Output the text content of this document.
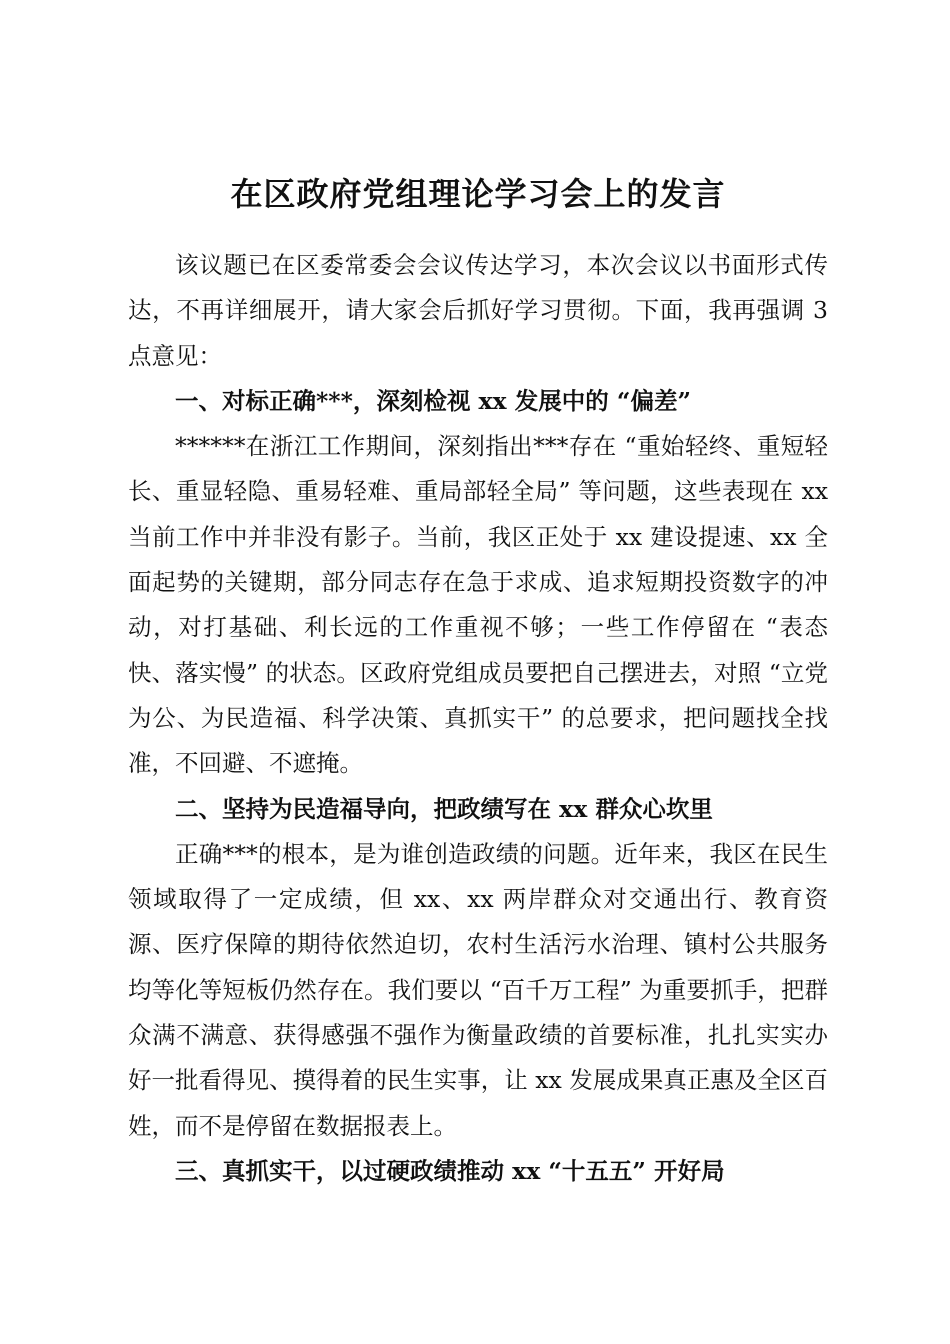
在区政府党组理论学习会上的发言

该议题已在区委常委会会议传达学习，本次会议以书面形式传达，不再详细展开，请大家会后抓好学习贯彻。下面，我再强调 3 点意见：

一、对标正确***，深刻检视 xx 发展中的 “偏差”

******在浙江工作期间，深刻指出***存在 “重始轻终、重短轻长、重显轻隐、重易轻难、重局部轻全局” 等问题，这些表现在 xx 当前工作中并非没有影子。当前，我区正处于 xx 建设提速、xx 全面起势的关键期，部分同志存在急于求成、追求短期投资数字的冲动，对打基础、利长远的工作重视不够；一些工作停留在 “表态快、落实慢” 的状态。区政府党组成员要把自己摆进去，对照 “立党为公、为民造福、科学决策、真抓实干” 的总要求，把问题找全找准，不回避、不遮掩。

二、坚持为民造福导向，把政绩写在 xx 群众心坎里

正确***的根本，是为谁创造政绩的问题。近年来，我区在民生领域取得了一定成绩，但 xx、xx 两岸群众对交通出行、教育资源、医疗保障的期待依然迫切，农村生活污水治理、镇村公共服务均等化等短板仍然存在。我们要以 “百千万工程” 为重要抓手，把群众满不满意、获得感强不强作为衡量政绩的首要标准，扎扎实实办好一批看得见、摸得着的民生实事，让 xx 发展成果真正惠及全区百姓，而不是停留在数据报表上。

三、真抓实干，以过硬政绩推动 xx “十五五” 开好局
